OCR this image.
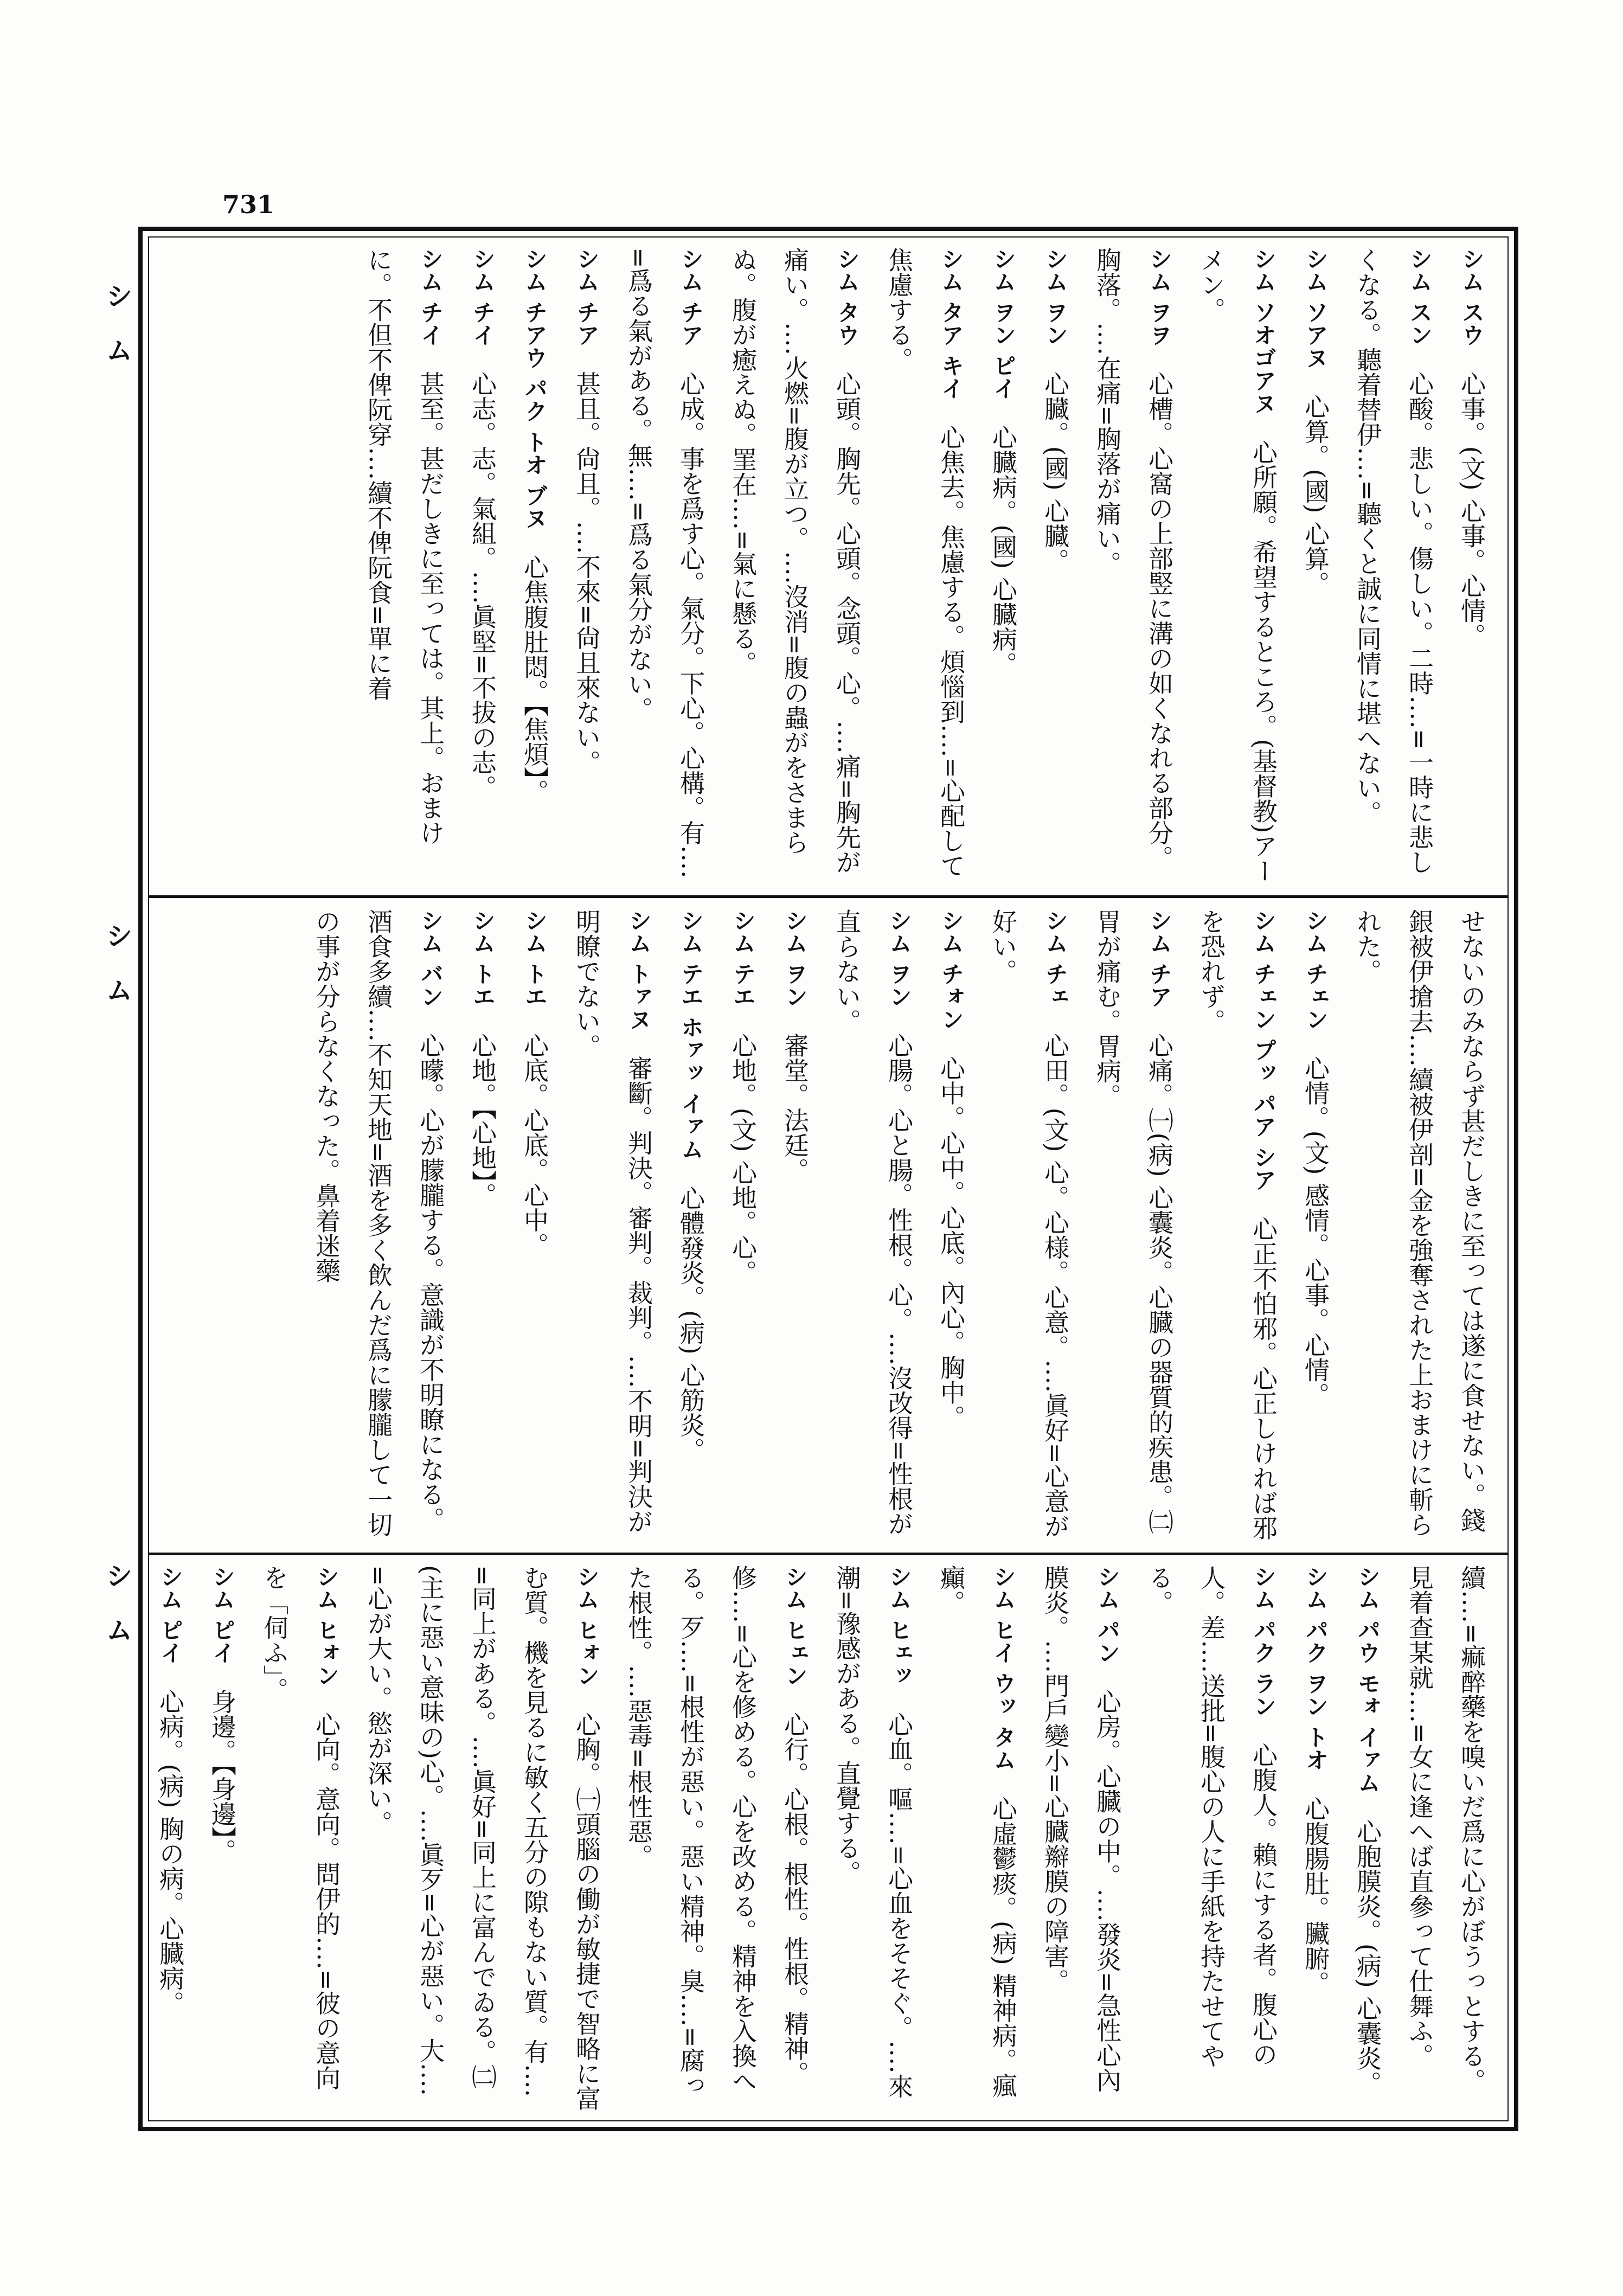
731
シム
シム
シム

シム スウ　心事。(文) 心事。心情。

シム スン　心酸。悲しい。傷しい。二時‥‥=一時に悲しくなる。聽着替伊‥‥=聽くと誠に同情に堪へない。

シム ソアヌ　心算。(國) 心算。

シム ソオゴアヌ　心所願。希望するところ。(基督教)アーメン。

シム ヲヲ　心槽。心窩の上部竪に溝の如くなれる部分。胸落。‥‥在痛=胸落が痛い。

シム ヲン　心臓。(國) 心臓。

シム ヲン ピイ　心臓病。(國) 心臓病。

シム タア キイ　心焦去。焦慮する。煩惱到‥‥=心配して焦慮する。

シム タウ　心頭。胸先。心頭。念頭。心。‥‥痛=胸先が痛い。‥‥火燃=腹が立つ。‥‥沒消=腹の蟲がをさまらぬ。腹が癒えぬ。罣在‥‥=氣に懸る。

シム チア　心成。事を爲す心。氣分。下心。心構。有‥‥=爲る氣がある。無‥‥=爲る氣分がない。

シム チア　甚且。尙且。‥‥不來=尙且來ない。

シム チアウ パク トオ ブヌ　心焦腹肚悶。【焦煩】。

シム チイ　心志。志。氣組。‥‥眞堅=不拔の志。

シム チイ　甚至。甚だしきに至っては。其上。おまけに。不但不俾阮穿‥‥續不俾阮食=單に着

せないのみならず甚だしきに至っては遂に食せない。錢銀被伊搶去‥‥續被伊剖=金を強奪された上おまけに斬られた。

シム チェン　心情。(文) 感情。心事。心情。

シム チェン プッ パア シア　心正不怕邪。心正しければ邪を恐れず。

シム チア　心痛。㈠(病) 心囊炎。心臓の器質的疾患。㈡胃が痛む。胃病。

シム チェ　心田。(文) 心。心様。心意。‥‥眞好=心意が好い。

シム チォン　心中。心中。心底。內心。胸中。

シム ヲン　心腸。心と腸。性根。心。‥‥沒改得=性根が直らない。

シム ヲン　審堂。法廷。

シム テエ　心地。(文) 心地。心。

シム テエ ホァッ イァム　心體發炎。(病) 心筋炎。

シム トァヌ　審斷。判決。審判。裁判。‥‥不明=判決が明瞭でない。

シム トエ　心底。心底。心中。

シム トエ　心地。【心地】。

シム バン　心曚。心が朦朧する。意識が不明瞭になる。酒食多續‥‥不知天地=酒を多く飲んだ爲に朦朧して一切の事が分らなくなった。鼻着迷藥

續‥‥=痲醉藥を嗅いだ爲に心がぼうっとする。見着查某就‥‥=女に逢へば直參って仕舞ふ。

シム パウ モォ イァム　心胞膜炎。(病) 心囊炎。

シム パク ヲン トオ　心腹腸肚。臟腑。

シム パク ラン　心腹人。賴にする者。腹心の人。差‥‥送批=腹心の人に手紙を持たせてやる。

シム パン　心房。心臓の中。‥‥發炎=急性心內膜炎。‥‥門戶變小=心臓辮膜の障害。

シム ヒイ ウッ タム　心虛鬱痰。(病) 精神病。瘋癲。

シム ヒェッ　心血。嘔‥‥=心血をそそぐ。‥‥來潮=豫感がある。直覺する。

シム ヒェン　心行。心根。根性。性根。精神。修‥‥=心を修める。心を改める。精神を入換へる。歹‥‥=根性が惡い。惡い精神。臭‥‥=腐った根性。‥‥惡毒=根性惡。

シム ヒォン　心胸。㈠頭腦の働が敏捷で智略に富む質。機を見るに敏く五分の隙もない質。有‥‥=同上がある。‥‥眞好=同上に富んでゐる。㈡(主に惡い意味の)心。‥‥眞歹=心が惡い。大‥‥=心が大い。慾が深い。

シム ヒォン　心向。意向。問伊的‥‥=彼の意向を「伺ふ」。

シム ピイ　身邊。【身邊】。

シム ピイ　心病。(病) 胸の病。心臓病。
